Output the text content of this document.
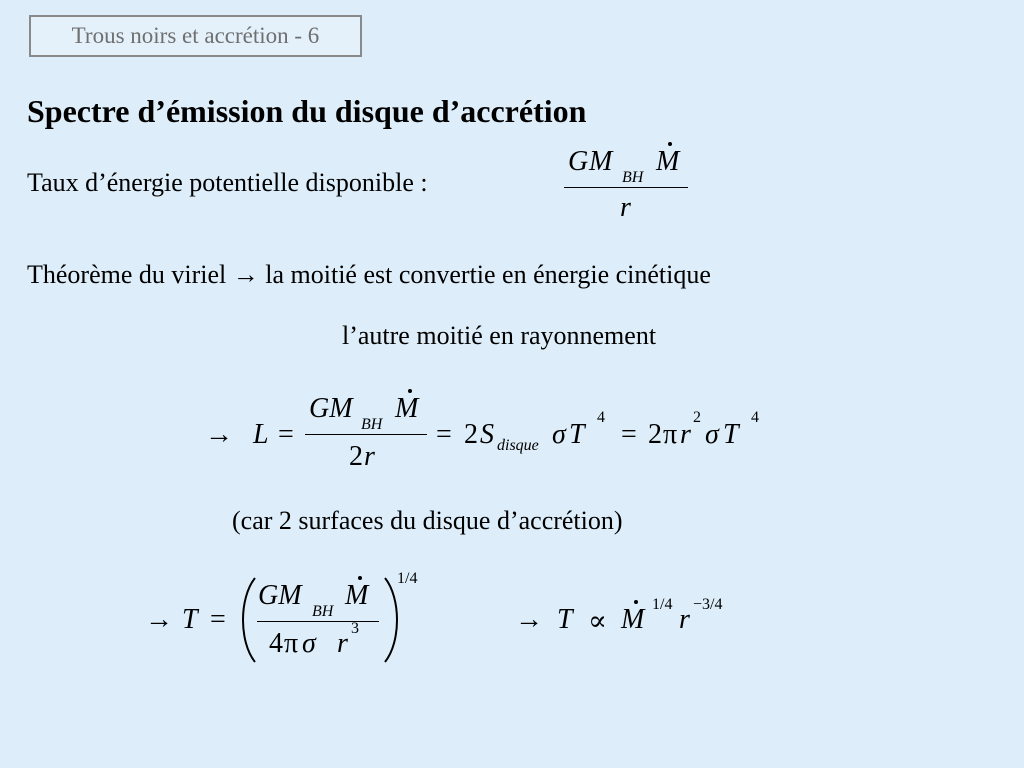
Trous noirs et accrétion - 6
Spectre d’émission du disque d’accrétion
Taux d’énergie potentielle disponible :
G M
BH
M
r
Théorème du viriel → la moitié est convertie en énergie cinétique
l’autre moitié en rayonnement
→ L =
GM
BH
M
2 r
= 2 S disque σ T
4
= 2 π r
2
σ T
4
(car 2 surfaces du disque d’accrétion)
→ T =
GM
BH
M
4 π σ r 3
1/4
→ T ∝ M 1/4 r −3/4
